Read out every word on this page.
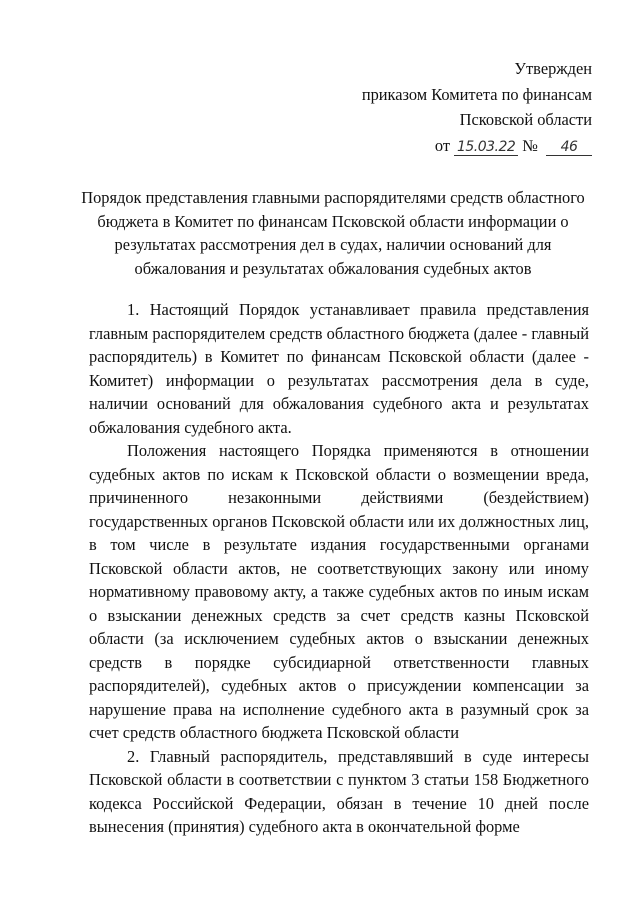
Утвержден
приказом Комитета по финансам
Псковской области
от 15.03.22 № 46
Порядок представления главными распорядителями средств областного бюджета в Комитет по финансам Псковской области информации о результатах рассмотрения дел в судах, наличии оснований для обжалования и результатах обжалования судебных актов

1. Настоящий Порядок устанавливает правила представления главным распорядителем средств областного бюджета (далее - главный распорядитель) в Комитет по финансам Псковской области (далее - Комитет) информации о результатах рассмотрения дела в суде, наличии оснований для обжалования судебного акта и результатах обжалования судебного акта.

Положения настоящего Порядка применяются в отношении судебных актов по искам к Псковской области о возмещении вреда, причиненного незаконными действиями (бездействием) государственных органов Псковской области или их должностных лиц, в том числе в результате издания государственными органами Псковской области актов, не соответствующих закону или иному нормативному правовому акту, а также судебных актов по иным искам о взыскании денежных средств за счет средств казны Псковской области (за исключением судебных актов о взыскании денежных средств в порядке субсидиарной ответственности главных распорядителей), судебных актов о присуждении компенсации за нарушение права на исполнение судебного акта в разумный срок за счет средств областного бюджета Псковской области

2. Главный распорядитель, представлявший в суде интересы Псковской области в соответствии с пунктом 3 статьи 158 Бюджетного кодекса Российской Федерации, обязан в течение 10 дней после вынесения (принятия) судебного акта в окончательной форме
